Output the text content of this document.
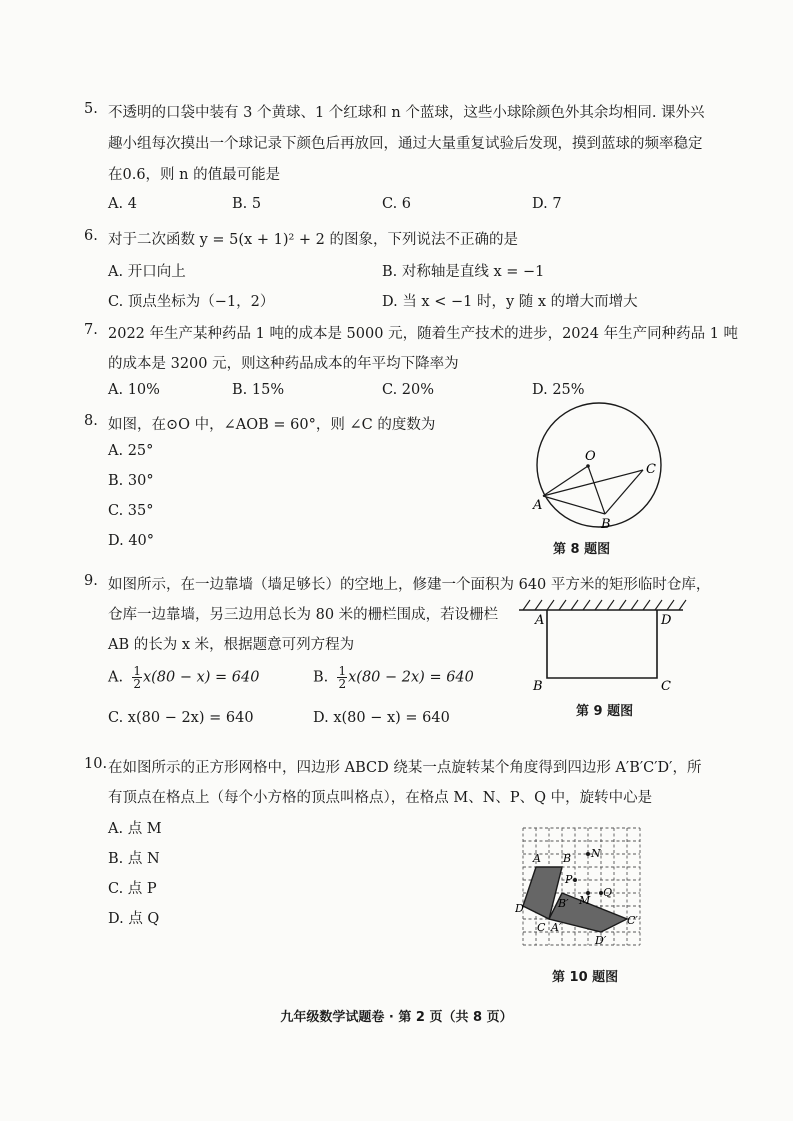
5. 不透明的口袋中装有 3 个黄球、1 个红球和 n 个蓝球，这些小球除颜色外其余均相同. 课外兴
趣小组每次摸出一个球记录下颜色后再放回，通过大量重复试验后发现，摸到蓝球的频率稳定
在0.6，则 n 的值最可能是
A. 4	B. 5	C. 6	D. 7
6. 对于二次函数 y = 5(x + 1)² + 2 的图象，下列说法不正确的是
A. 开口向上	B. 对称轴是直线 x = −1
C. 顶点坐标为（−1，2）	D. 当 x < −1 时，y 随 x 的增大而增大
7. 2022 年生产某种药品 1 吨的成本是 5000 元，随着生产技术的进步，2024 年生产同种药品 1 吨
的成本是 3200 元，则这种药品成本的年平均下降率为
A. 10%	B. 15%	C. 20%	D. 25%
8. 如图，在⊙O 中，∠AOB = 60°，则 ∠C 的度数为
A. 25°
B. 30°
C. 35°
D. 40°
O
A
B
C
第 8 题图
9. 如图所示，在一边靠墙（墙足够长）的空地上，修建一个面积为 640 平方米的矩形临时仓库，
仓库一边靠墙，另三边用总长为 80 米的栅栏围成，若设栅栏
AB 的长为 x 米，根据题意可列方程为
A. $\frac{1}{2} x(80 - x) = 640$	B. $\frac{1}{2} x(80 - 2x) = 640$
C. x(80 − 2x) = 640	D. x(80 − x) = 640
A	D
B	C
第 9 题图
10. 在如图所示的正方形网格中，四边形 ABCD 绕某一点旋转某个角度得到四边形 A′B′C′D′，所
有顶点在格点上（每个小方格的顶点叫格点），在格点 M、N、P、Q 中，旋转中心是
A. 点 M
B. 点 N
C. 点 P
D. 点 Q
A B
D
C A′
B′
C′
D′
N
P
M
Q
第 10 题图
九年级数学试题卷 · 第 2 页（共 8 页）
